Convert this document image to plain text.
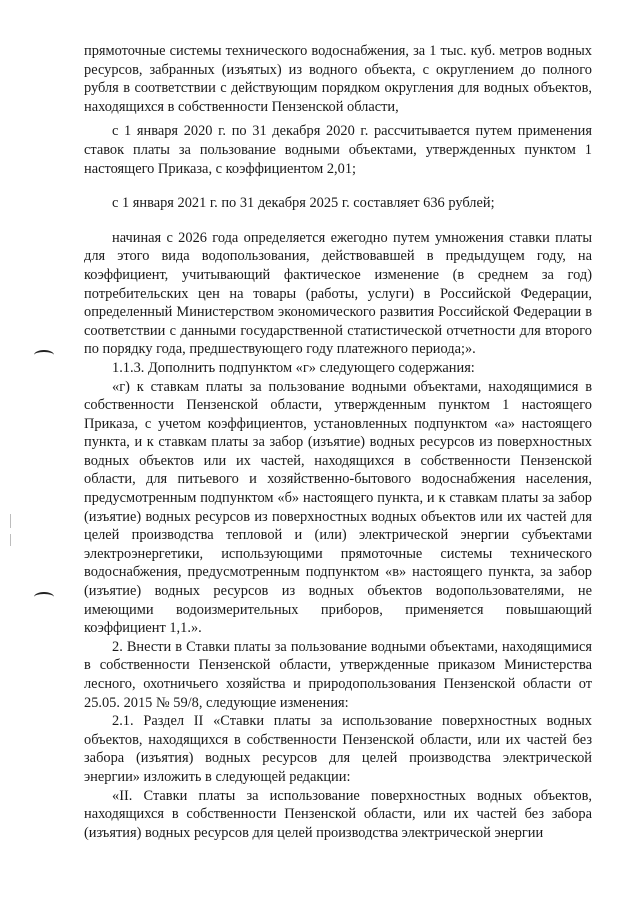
прямоточные системы технического водоснабжения, за 1 тыс. куб. метров водных ресурсов, забранных (изъятых) из водного объекта, с округлением до полного рубля в соответствии с действующим порядком округления для водных объектов, находящихся в собственности Пензенской области,

с 1 января 2020 г. по 31 декабря 2020 г. рассчитывается путем применения ставок платы за пользование водными объектами, утвержденных пунктом 1 настоящего Приказа, с коэффициентом 2,01;

с 1 января 2021 г. по 31 декабря 2025 г. составляет 636 рублей;

начиная с 2026 года определяется ежегодно путем умножения ставки платы для этого вида водопользования, действовавшей в предыдущем году, на коэффициент, учитывающий фактическое изменение (в среднем за год) потребительских цен на товары (работы, услуги) в Российской Федерации, определенный Министерством экономического развития Российской Федерации в соответствии с данными государственной статистической отчетности для второго по порядку года, предшествующего году платежного периода;».

1.1.3. Дополнить подпунктом «г» следующего содержания:

«г) к ставкам платы за пользование водными объектами, находящимися в собственности Пензенской области, утвержденным пунктом 1 настоящего Приказа, с учетом коэффициентов, установленных подпунктом «а» настоящего пункта, и к ставкам платы за забор (изъятие) водных ресурсов из поверхностных водных объектов или их частей, находящихся в собственности Пензенской области, для питьевого и хозяйственно-бытового водоснабжения населения, предусмотренным подпунктом «б» настоящего пункта, и к ставкам платы за забор (изъятие) водных ресурсов из поверхностных водных объектов или их частей для целей производства тепловой и (или) электрической энергии субъектами электроэнергетики, использующими прямоточные системы технического водоснабжения, предусмотренным подпунктом «в» настоящего пункта, за забор (изъятие) водных ресурсов из водных объектов водопользователями, не имеющими водоизмерительных приборов, применяется повышающий коэффициент 1,1.».

2. Внести в Ставки платы за пользование водными объектами, находящимися в собственности Пензенской области, утвержденные приказом Министерства лесного, охотничьего хозяйства и природопользования Пензенской области от 25.05. 2015 № 59/8, следующие изменения:

2.1. Раздел II «Ставки платы за использование поверхностных водных объектов, находящихся в собственности Пензенской области, или их частей без забора (изъятия) водных ресурсов для целей производства электрической энергии» изложить в следующей редакции:

«II. Ставки платы за использование поверхностных водных объектов, находящихся в собственности Пензенской области, или их частей без забора (изъятия) водных ресурсов для целей производства электрической энергии
